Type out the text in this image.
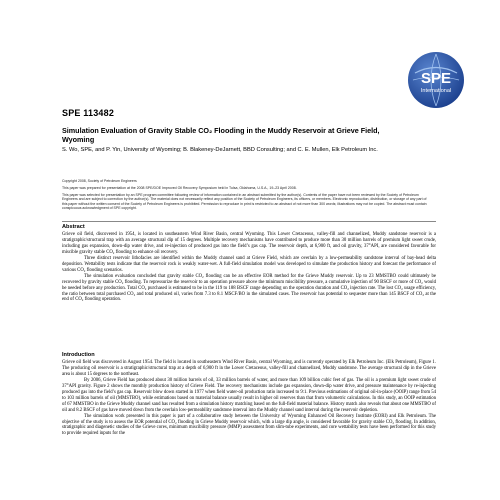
SPE
International
SPE 113482
Simulation Evaluation of Gravity Stable CO₂ Flooding in the Muddy Reservoir at Grieve Field, Wyoming
S. Wo, SPE, and P. Yin, University of Wyoming; B. Blakeney-DeJarnett, BBD Consulting; and C. E. Mullen, Elk Petroleum Inc.

Copyright 2008, Society of Petroleum Engineers

This paper was prepared for presentation at the 2008 SPE/DOE Improved Oil Recovery Symposium held in Tulsa, Oklahoma, U.S.A., 19–23 April 2008.

This paper was selected for presentation by an SPE program committee following review of information contained in an abstract submitted by the author(s). Contents of the paper have not been reviewed by the Society of Petroleum Engineers and are subject to correction by the author(s). The material does not necessarily reflect any position of the Society of Petroleum Engineers, its officers, or members. Electronic reproduction, distribution, or storage of any part of this paper without the written consent of the Society of Petroleum Engineers is prohibited. Permission to reproduce in print is restricted to an abstract of not more than 300 words; illustrations may not be copied. The abstract must contain conspicuous acknowledgment of SPE copyright.

Abstract

Grieve oil field, discovered in 1954, is located in southeastern Wind River Basin, central Wyoming. This Lower Cretaceous, valley-fill and channelized, Muddy sandstone reservoir is a stratigraphic/structural trap with an average structural dip of 15 degrees. Multiple recovery mechanisms have contributed to produce more than 30 million barrels of premium light sweet crude, including gas expansion, down-dip water drive, and re-injection of produced gas into the field’s gas cap. The reservoir depth, at 6,900 ft, and oil gravity, 37°API, are considered favorable for miscible gravity stable CO₂ flooding to enhance oil recovery.

Three distinct reservoir lithofacies are identified within the Muddy channel sand at Grieve Field, which are overlain by a low-permeability sandstone interval of bay-head delta deposition. Wettability tests indicate that the reservoir rock is weakly water-wet. A full-field simulation model was developed to simulate the production history and forecast the performance of various CO₂ flooding scenarios.

The simulation evaluation concluded that gravity stable CO₂ flooding can be an effective EOR method for the Grieve Muddy reservoir. Up to 23 MMSTBO could ultimately be recovered by gravity stable CO₂ flooding. To repressurize the reservoir to an operation pressure above the minimum miscibility pressure, a cumulative injection of 90 BSCF or more of CO₂ would be needed before any production. Total CO₂ purchased is estimated to be in the 119 to 188 BSCF range depending on the operation duration and CO₂ injection rate. The lost CO₂ usage efficiency, the ratio between total purchased CO₂ and total produced oil, varies from 7.3 to 8.1 MSCF/BO in the simulated cases. The reservoir has potential to sequester more than 145 BSCF of CO₂ at the end of CO₂ flooding operation.

Introduction

Grieve oil field was discovered in August 1954. The field is located in southeastern Wind River Basin, central Wyoming, and is currently operated by Elk Petroleum Inc. (Elk Petroleum), Figure 1. The producing oil reservoir is a stratigraphic/structural trap at a depth of 6,900 ft in the Lower Cretaceous, valley-fill and channelized, Muddy sandstone. The average structural dip in the Grieve area is about 15 degrees to the northeast.

By 2006, Grieve Field has produced about 30 million barrels of oil, 33 million barrels of water, and more than 109 billion cubic feet of gas. The oil is a premium light sweet crude of 37°API gravity. Figure 2 shows the monthly production history of Grieve Field. The recovery mechanisms include gas expansion, down-dip water drive, and pressure maintenance by re-injecting produced gas into the field’s gas cap. Reservoir blow down started in 1977 when field water-oil production ratio increased to 9:1. Previous estimations of original oil-in-place (OOIP) range from 54 to 103 million barrels of oil (MMSTBO), while estimations based on material balance usually result in higher oil reserves than that from volumetric calculations. In this study, an OOIP estimation of 67 MMSTBO in the Grieve Muddy channel sand has resulted from a simulation history matching based on the full-field material balance. History match also reveals that about one MMSTBO of oil and 8.2 BSCF of gas have moved down from the overlain low-permeability sandstone interval into the Muddy channel sand interval during the reservoir depletion.

The simulation work presented in this paper is part of a collaborative study between the University of Wyoming Enhanced Oil Recovery Institute (EORI) and Elk Petroleum. The objective of the study is to assess the EOR potential of CO₂ flooding in Grieve Muddy reservoir which, with a large dip angle, is considered favorable for gravity stable CO₂ flooding. In addition, stratigraphic and diagenetic studies of the Grieve cores, minimum miscibility pressure (MMP) assessment from slim-tube experiments, and core wettability tests have been performed for this study to provide required inputs for the
